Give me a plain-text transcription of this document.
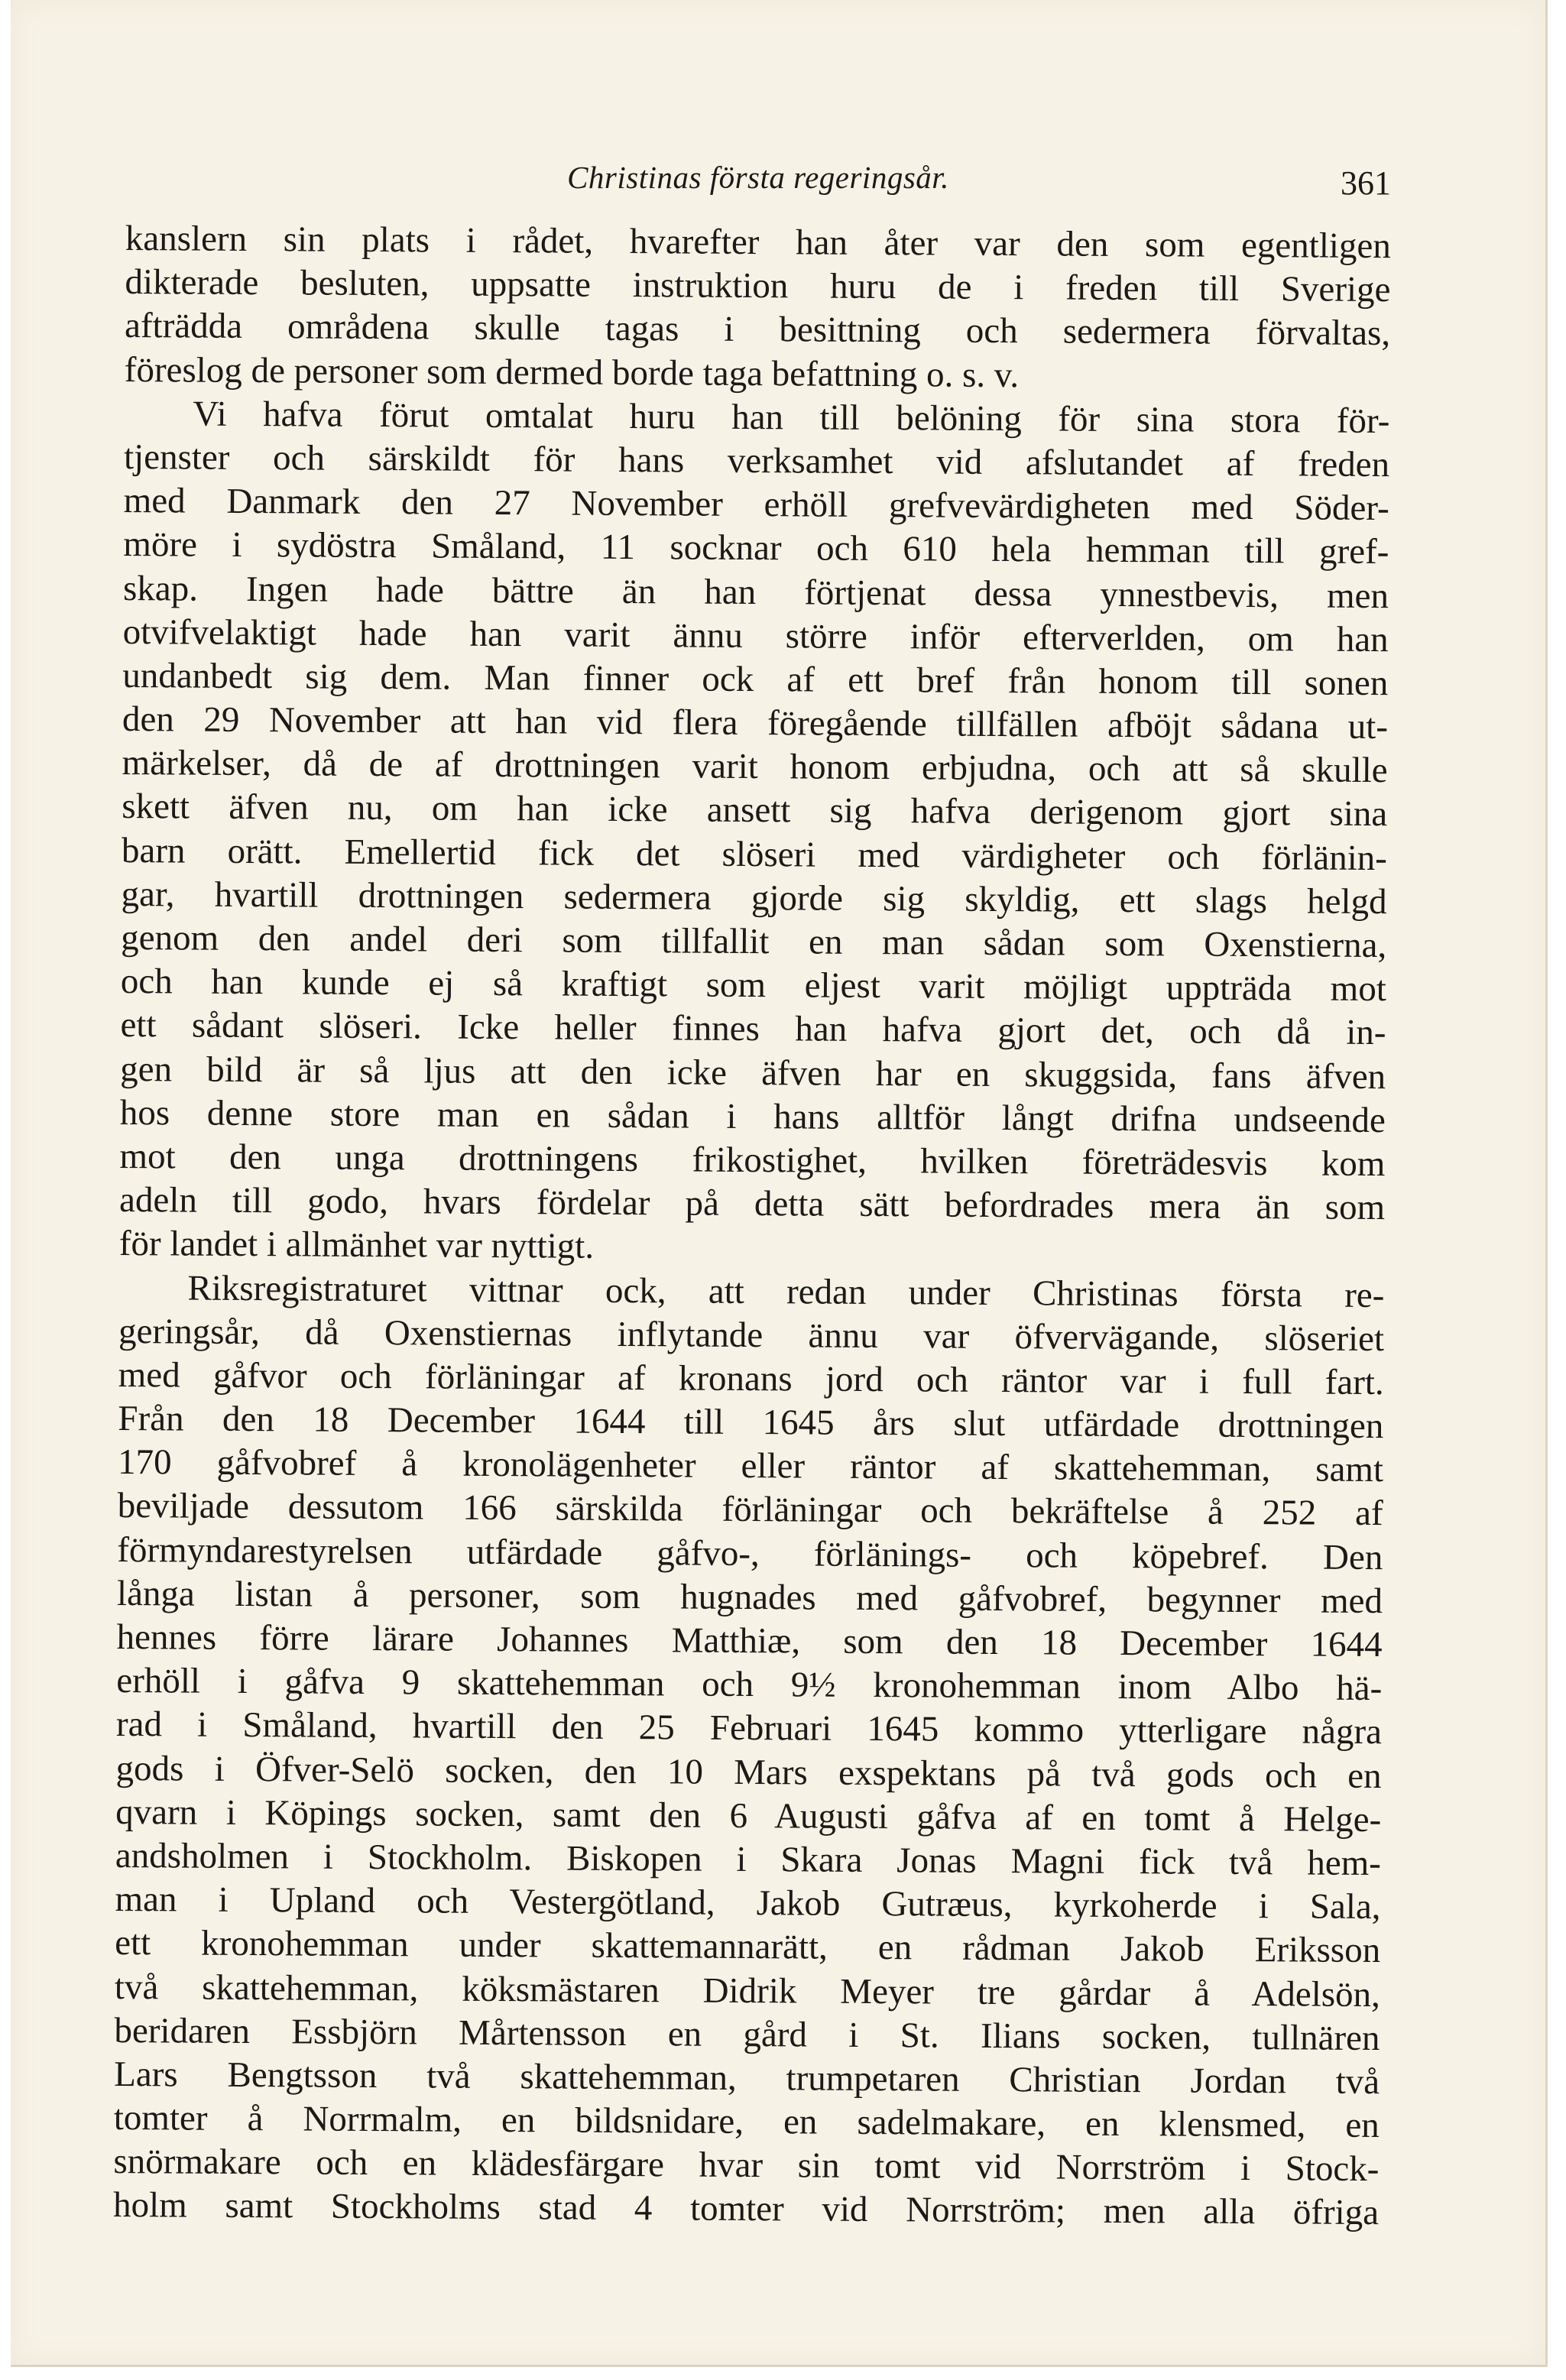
Christinas första regeringsår.	361
kanslern sin plats i rådet, hvarefter han åter var den som egentligen
dikterade besluten, uppsatte instruktion huru de i freden till Sverige
afträdda områdena skulle tagas i besittning och sedermera förvaltas,
föreslog de personer som dermed borde taga befattning o. s. v.
Vi hafva förut omtalat huru han till belöning för sina stora för-
tjenster och särskildt för hans verksamhet vid afslutandet af freden
med Danmark den 27 November erhöll grefvevärdigheten med Söder-
möre i sydöstra Småland, 11 socknar och 610 hela hemman till gref-
skap. Ingen hade bättre än han förtjenat dessa ynnestbevis, men
otvifvelaktigt hade han varit ännu större inför efterverlden, om han
undanbedt sig dem. Man finner ock af ett bref från honom till sonen
den 29 November att han vid flera föregående tillfällen afböjt sådana ut-
märkelser, då de af drottningen varit honom erbjudna, och att så skulle
skett äfven nu, om han icke ansett sig hafva derigenom gjort sina
barn orätt. Emellertid fick det slöseri med värdigheter och förlänin-
gar, hvartill drottningen sedermera gjorde sig skyldig, ett slags helgd
genom den andel deri som tillfallit en man sådan som Oxenstierna,
och han kunde ej så kraftigt som eljest varit möjligt uppträda mot
ett sådant slöseri. Icke heller finnes han hafva gjort det, och då in-
gen bild är så ljus att den icke äfven har en skuggsida, fans äfven
hos denne store man en sådan i hans alltför långt drifna undseende
mot den unga drottningens frikostighet, hvilken företrädesvis kom
adeln till godo, hvars fördelar på detta sätt befordrades mera än som
för landet i allmänhet var nyttigt.
Riksregistraturet vittnar ock, att redan under Christinas första re-
geringsår, då Oxenstiernas inflytande ännu var öfvervägande, slöseriet
med gåfvor och förläningar af kronans jord och räntor var i full fart.
Från den 18 December 1644 till 1645 års slut utfärdade drottningen
170 gåfvobref å kronolägenheter eller räntor af skattehemman, samt
beviljade dessutom 166 särskilda förläningar och bekräftelse å 252 af
förmyndarestyrelsen utfärdade gåfvo-, förlänings- och köpebref. Den
långa listan å personer, som hugnades med gåfvobref, begynner med
hennes förre lärare Johannes Matthiæ, som den 18 December 1644
erhöll i gåfva 9 skattehemman och 9½ kronohemman inom Albo hä-
rad i Småland, hvartill den 25 Februari 1645 kommo ytterligare några
gods i Öfver-Selö socken, den 10 Mars exspektans på två gods och en
qvarn i Köpings socken, samt den 6 Augusti gåfva af en tomt å Helge-
andsholmen i Stockholm. Biskopen i Skara Jonas Magni fick två hem-
man i Upland och Vestergötland, Jakob Gutræus, kyrkoherde i Sala,
ett kronohemman under skattemannarätt, en rådman Jakob Eriksson
två skattehemman, köksmästaren Didrik Meyer tre gårdar å Adelsön,
beridaren Essbjörn Mårtensson en gård i St. Ilians socken, tullnären
Lars Bengtsson två skattehemman, trumpetaren Christian Jordan två
tomter å Norrmalm, en bildsnidare, en sadelmakare, en klensmed, en
snörmakare och en klädesfärgare hvar sin tomt vid Norrström i Stock-
holm samt Stockholms stad 4 tomter vid Norrström; men alla öfriga
